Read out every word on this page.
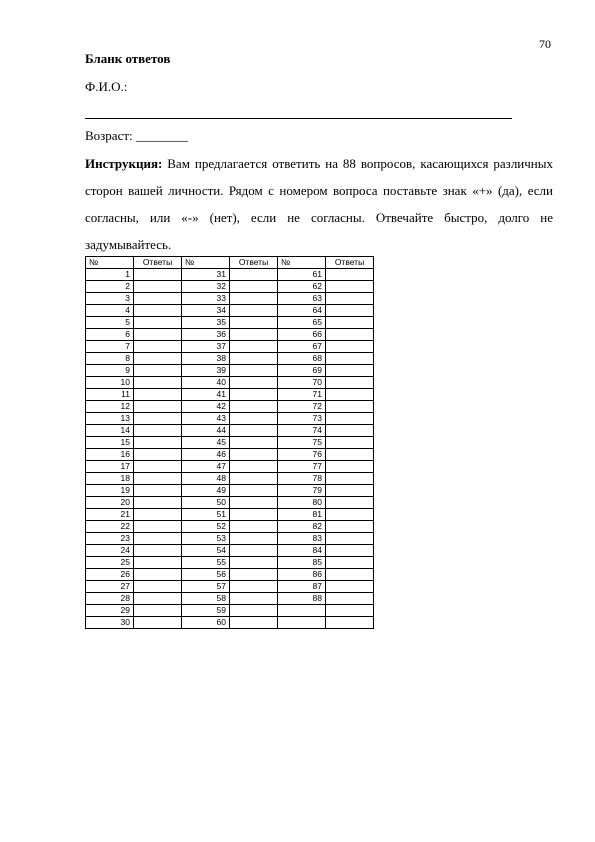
70
Бланк ответов
Ф.И.О.:
Возраст: ________

Инструкция: Вам предлагается ответить на 88 вопросов, касающихся различных сторон вашей личности. Рядом с номером вопроса поставьте знак «+» (да), если согласны, или «-» (нет), если не согласны. Отвечайте быстро, долго не задумывайтесь.

№	Ответы	№	Ответы	№	Ответы
1		31		61	
2		32		62	
3		33		63	
4		34		64	
5		35		65	
6		36		66	
7		37		67	
8		38		68	
9		39		69	
10		40		70	
11		41		71	
12		42		72	
13		43		73	
14		44		74	
15		45		75	
16		46		76	
17		47		77	
18		48		78	
19		49		79	
20		50		80	
21		51		81	
22		52		82	
23		53		83	
24		54		84	
25		55		85	
26		56		86	
27		57		87	
28		58		88	
29		59			
30		60			
